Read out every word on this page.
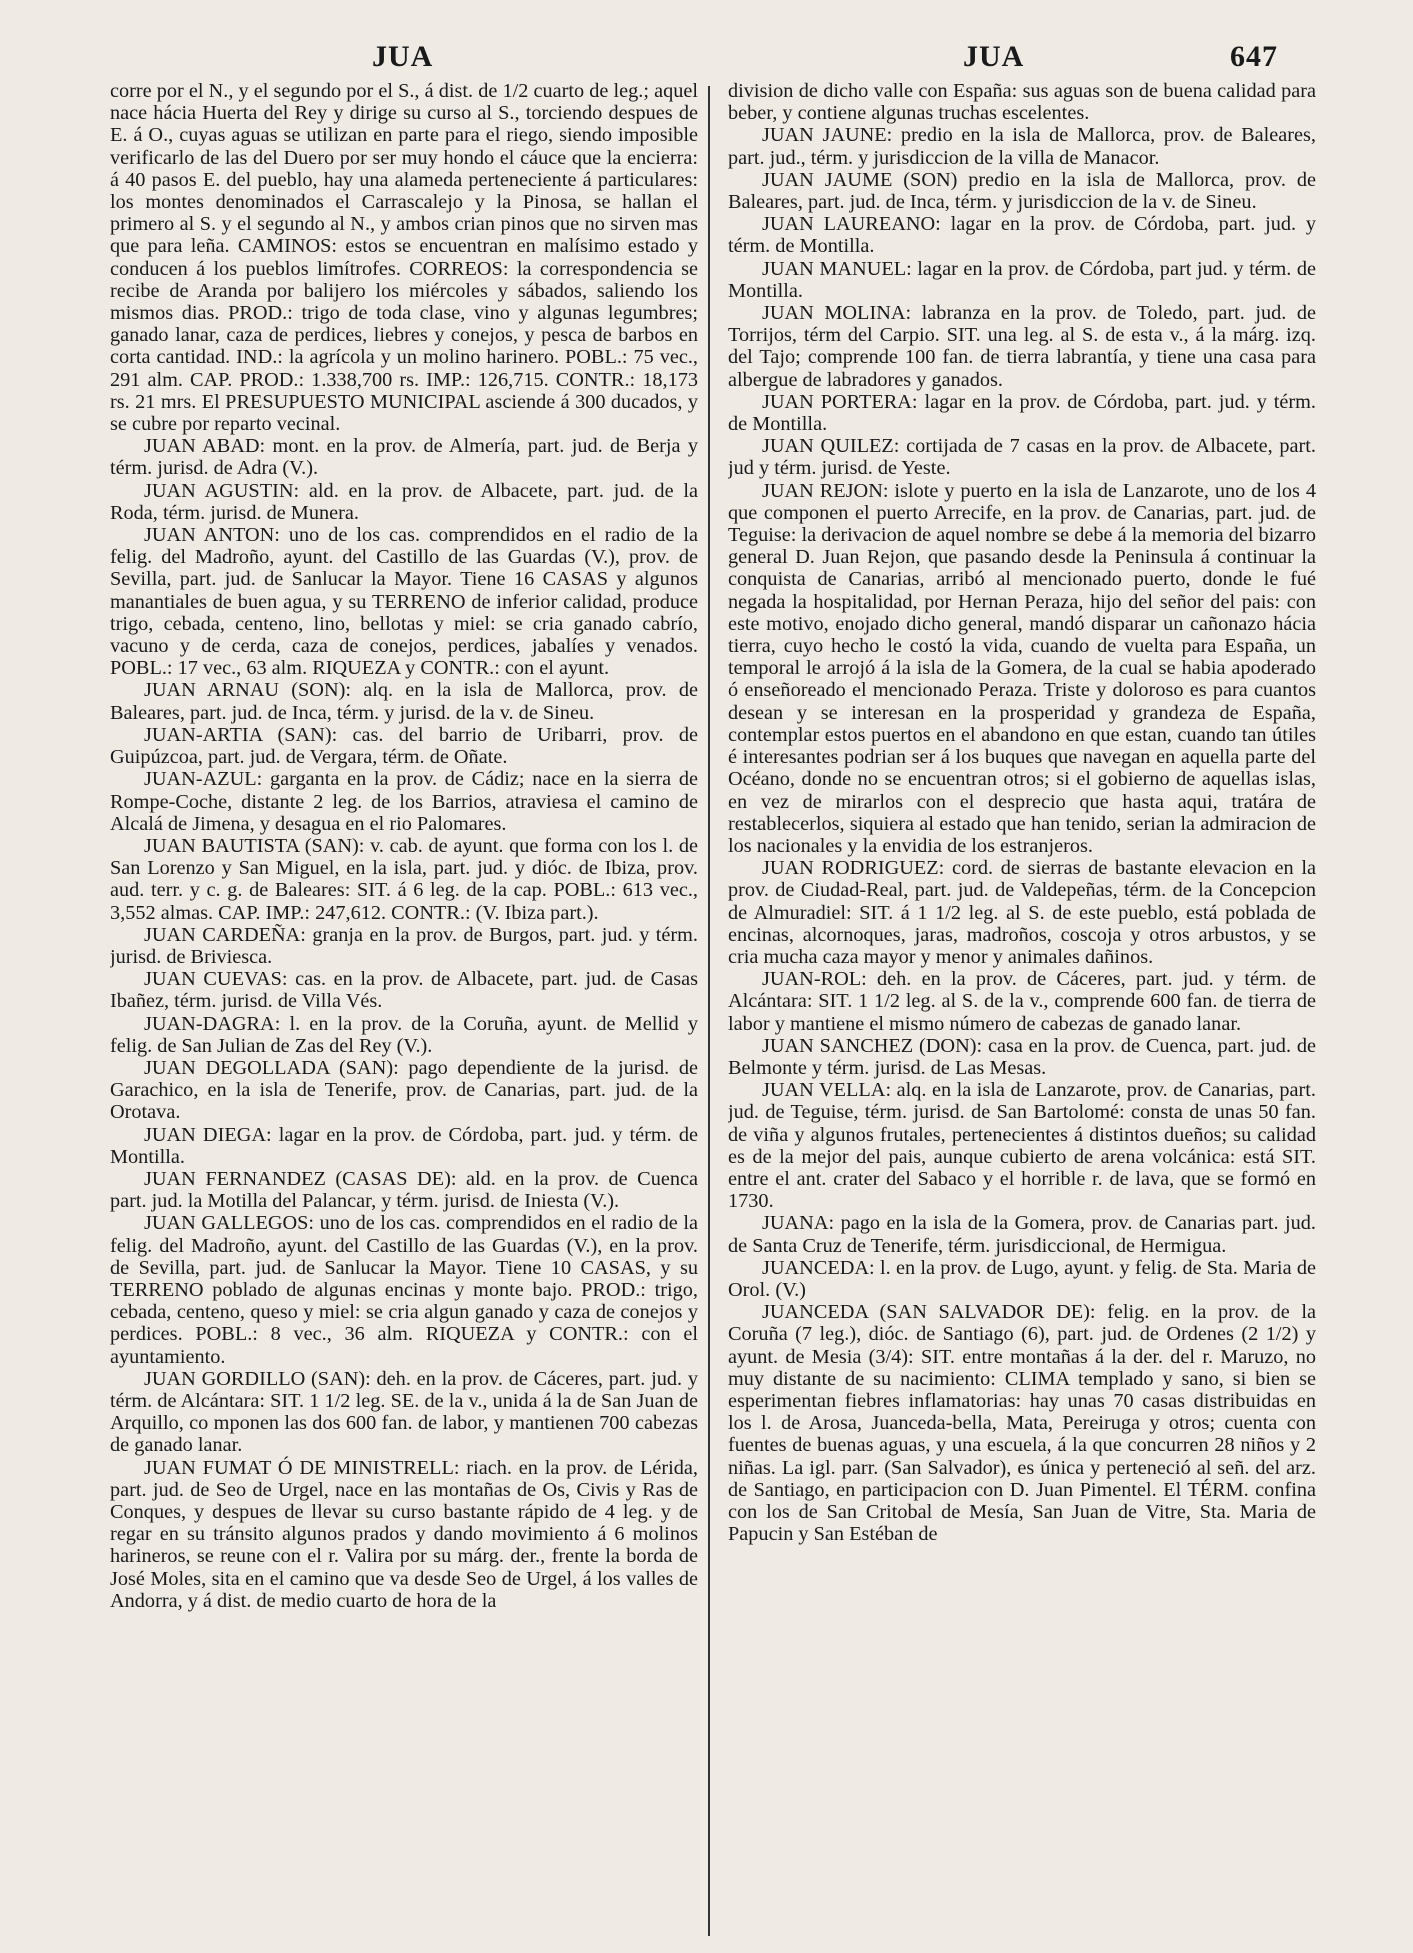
JUA	JUA	647

corre por el N., y el segundo por el S., á dist. de 1/2 cuarto de leg.; aquel nace hácia Huerta del Rey y dirige su curso al S., torciendo despues de E. á O., cuyas aguas se utilizan en parte para el riego, siendo imposible verificarlo de las del Duero por ser muy hondo el cáuce que la encierra: á 40 pasos E. del pueblo, hay una alameda perteneciente á particulares: los montes denominados el Carrascalejo y la Pinosa, se hallan el primero al S. y el segundo al N., y ambos crian pinos que no sirven mas que para leña. CAMINOS: estos se encuentran en malísimo estado y conducen á los pueblos limítrofes. CORREOS: la correspondencia se recibe de Aranda por balijero los miércoles y sábados, saliendo los mismos dias. PROD.: trigo de toda clase, vino y algunas legumbres; ganado lanar, caza de perdices, liebres y conejos, y pesca de barbos en corta cantidad. IND.: la agrícola y un molino harinero. POBL.: 75 vec., 291 alm. CAP. PROD.: 1.338,700 rs. IMP.: 126,715. CONTR.: 18,173 rs. 21 mrs. El PRESUPUESTO MUNICIPAL asciende á 300 ducados, y se cubre por reparto vecinal.

JUAN ABAD: mont. en la prov. de Almería, part. jud. de Berja y térm. jurisd. de Adra (V.).

JUAN AGUSTIN: ald. en la prov. de Albacete, part. jud. de la Roda, térm. jurisd. de Munera.

JUAN ANTON: uno de los cas. comprendidos en el radio de la felig. del Madroño, ayunt. del Castillo de las Guardas (V.), prov. de Sevilla, part. jud. de Sanlucar la Mayor. Tiene 16 CASAS y algunos manantiales de buen agua, y su TERRENO de inferior calidad, produce trigo, cebada, centeno, lino, bellotas y miel: se cria ganado cabrío, vacuno y de cerda, caza de conejos, perdices, jabalíes y venados. POBL.: 17 vec., 63 alm. RIQUEZA y CONTR.: con el ayunt.

JUAN ARNAU (SON): alq. en la isla de Mallorca, prov. de Baleares, part. jud. de Inca, térm. y jurisd. de la v. de Sineu.

JUAN-ARTIA (SAN): cas. del barrio de Uribarri, prov. de Guipúzcoa, part. jud. de Vergara, térm. de Oñate.

JUAN-AZUL: garganta en la prov. de Cádiz; nace en la sierra de Rompe-Coche, distante 2 leg. de los Barrios, atraviesa el camino de Alcalá de Jimena, y desagua en el rio Palomares.

JUAN BAUTISTA (SAN): v. cab. de ayunt. que forma con los l. de San Lorenzo y San Miguel, en la isla, part. jud. y dióc. de Ibiza, prov. aud. terr. y c. g. de Baleares: SIT. á 6 leg. de la cap. POBL.: 613 vec., 3,552 almas. CAP. IMP.: 247,612. CONTR.: (V. Ibiza part.).

JUAN CARDEÑA: granja en la prov. de Burgos, part. jud. y térm. jurisd. de Briviesca.

JUAN CUEVAS: cas. en la prov. de Albacete, part. jud. de Casas Ibañez, térm. jurisd. de Villa Vés.

JUAN-DAGRA: l. en la prov. de la Coruña, ayunt. de Mellid y felig. de San Julian de Zas del Rey (V.).

JUAN DEGOLLADA (SAN): pago dependiente de la jurisd. de Garachico, en la isla de Tenerife, prov. de Canarias, part. jud. de la Orotava.

JUAN DIEGA: lagar en la prov. de Córdoba, part. jud. y térm. de Montilla.

JUAN FERNANDEZ (CASAS DE): ald. en la prov. de Cuenca part. jud. la Motilla del Palancar, y térm. jurisd. de Iniesta (V.).

JUAN GALLEGOS: uno de los cas. comprendidos en el radio de la felig. del Madroño, ayunt. del Castillo de las Guardas (V.), en la prov. de Sevilla, part. jud. de Sanlucar la Mayor. Tiene 10 CASAS, y su TERRENO poblado de algunas encinas y monte bajo. PROD.: trigo, cebada, centeno, queso y miel: se cria algun ganado y caza de conejos y perdices. POBL.: 8 vec., 36 alm. RIQUEZA y CONTR.: con el ayuntamiento.

JUAN GORDILLO (SAN): deh. en la prov. de Cáceres, part. jud. y térm. de Alcántara: SIT. 1 1/2 leg. SE. de la v., unida á la de San Juan de Arquillo, co mponen las dos 600 fan. de labor, y mantienen 700 cabezas de ganado lanar.

JUAN FUMAT Ó DE MINISTRELL: riach. en la prov. de Lérida, part. jud. de Seo de Urgel, nace en las montañas de Os, Civis y Ras de Conques, y despues de llevar su curso bastante rápido de 4 leg. y de regar en su tránsito algunos prados y dando movimiento á 6 molinos harineros, se reune con el r. Valira por su márg. der., frente la borda de José Moles, sita en el camino que va desde Seo de Urgel, á los valles de Andorra, y á dist. de medio cuarto de hora de la

division de dicho valle con España: sus aguas son de buena calidad para beber, y contiene algunas truchas escelentes.

JUAN JAUNE: predio en la isla de Mallorca, prov. de Baleares, part. jud., térm. y jurisdiccion de la villa de Manacor.

JUAN JAUME (SON) predio en la isla de Mallorca, prov. de Baleares, part. jud. de Inca, térm. y jurisdiccion de la v. de Sineu.

JUAN LAUREANO: lagar en la prov. de Córdoba, part. jud. y térm. de Montilla.

JUAN MANUEL: lagar en la prov. de Córdoba, part jud. y térm. de Montilla.

JUAN MOLINA: labranza en la prov. de Toledo, part. jud. de Torrijos, térm del Carpio. SIT. una leg. al S. de esta v., á la márg. izq. del Tajo; comprende 100 fan. de tierra labrantía, y tiene una casa para albergue de labradores y ganados.

JUAN PORTERA: lagar en la prov. de Córdoba, part. jud. y térm. de Montilla.

JUAN QUILEZ: cortijada de 7 casas en la prov. de Albacete, part. jud y térm. jurisd. de Yeste.

JUAN REJON: islote y puerto en la isla de Lanzarote, uno de los 4 que componen el puerto Arrecife, en la prov. de Canarias, part. jud. de Teguise: la derivacion de aquel nombre se debe á la memoria del bizarro general D. Juan Rejon, que pasando desde la Peninsula á continuar la conquista de Canarias, arribó al mencionado puerto, donde le fué negada la hospitalidad, por Hernan Peraza, hijo del señor del pais: con este motivo, enojado dicho general, mandó disparar un cañonazo hácia tierra, cuyo hecho le costó la vida, cuando de vuelta para España, un temporal le arrojó á la isla de la Gomera, de la cual se habia apoderado ó enseñoreado el mencionado Peraza. Triste y doloroso es para cuantos desean y se interesan en la prosperidad y grandeza de España, contemplar estos puertos en el abandono en que estan, cuando tan útiles é interesantes podrian ser á los buques que navegan en aquella parte del Océano, donde no se encuentran otros; si el gobierno de aquellas islas, en vez de mirarlos con el desprecio que hasta aqui, tratára de restablecerlos, siquiera al estado que han tenido, serian la admiracion de los nacionales y la envidia de los estranjeros.

JUAN RODRIGUEZ: cord. de sierras de bastante elevacion en la prov. de Ciudad-Real, part. jud. de Valdepeñas, térm. de la Concepcion de Almuradiel: SIT. á 1 1/2 leg. al S. de este pueblo, está poblada de encinas, alcornoques, jaras, madroños, coscoja y otros arbustos, y se cria mucha caza mayor y menor y animales dañinos.

JUAN-ROL: deh. en la prov. de Cáceres, part. jud. y térm. de Alcántara: SIT. 1 1/2 leg. al S. de la v., comprende 600 fan. de tierra de labor y mantiene el mismo número de cabezas de ganado lanar.

JUAN SANCHEZ (DON): casa en la prov. de Cuenca, part. jud. de Belmonte y térm. jurisd. de Las Mesas.

JUAN VELLA: alq. en la isla de Lanzarote, prov. de Canarias, part. jud. de Teguise, térm. jurisd. de San Bartolomé: consta de unas 50 fan. de viña y algunos frutales, pertenecientes á distintos dueños; su calidad es de la mejor del pais, aunque cubierto de arena volcánica: está SIT. entre el ant. crater del Sabaco y el horrible r. de lava, que se formó en 1730.

JUANA: pago en la isla de la Gomera, prov. de Canarias part. jud. de Santa Cruz de Tenerife, térm. jurisdiccional, de Hermigua.

JUANCEDA: l. en la prov. de Lugo, ayunt. y felig. de Sta. Maria de Orol. (V.)

JUANCEDA (SAN SALVADOR DE): felig. en la prov. de la Coruña (7 leg.), dióc. de Santiago (6), part. jud. de Ordenes (2 1/2) y ayunt. de Mesia (3/4): SIT. entre montañas á la der. del r. Maruzo, no muy distante de su nacimiento: CLIMA templado y sano, si bien se esperimentan fiebres inflamatorias: hay unas 70 casas distribuidas en los l. de Arosa, Juanceda-bella, Mata, Pereiruga y otros; cuenta con fuentes de buenas aguas, y una escuela, á la que concurren 28 niños y 2 niñas. La igl. parr. (San Salvador), es única y perteneció al señ. del arz. de Santiago, en participacion con D. Juan Pimentel. El TÉRM. confina con los de San Critobal de Mesía, San Juan de Vitre, Sta. Maria de Papucin y San Estéban de
